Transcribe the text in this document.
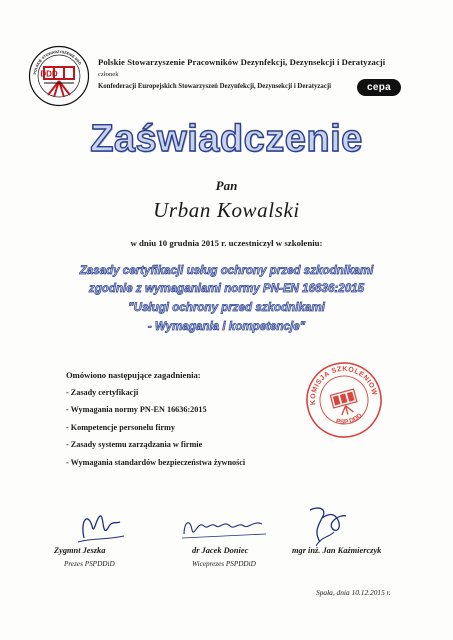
POLSKIE STOWARZYSZENIE DDD
DDD
Polskie Stowarzyszenie Pracowników Dezynfekcji, Dezynsekcji i Deratyzacji
członek
Konfederacji Europejskich Stowarzyszeń Dezynfekcji, Dezynsekcji i Deratyzacji	cepa
Zaświadczenie
Pan
Urban Kowalski
w dniu 10 grudnia 2015 r. uczestniczył w szkoleniu:
Zasady certyfikacji usług ochrony przed szkodnikami
zgodnie z wymaganiami normy PN-EN 16636:2015
"Usługi ochrony przed szkodnikami
- Wymagania i kompetencje"
Omówiono następujące zagadnienia:
- Zasady certyfikacji
- Wymagania normy PN-EN 16636:2015
- Kompetencje personelu firmy
- Zasady systemu zarządzania w firmie
- Wymagania standardów bezpieczeństwa żywności
KOMISJA SZKOLENIOWA
PSP DDD
Zygmnt Jeszka
Prezes PSPDDiD
dr Jacek Doniec
Wiceprezes PSPDDiD
mgr inż. Jan Kaźmierczyk
Spała, dnia 10.12.2015 r.
